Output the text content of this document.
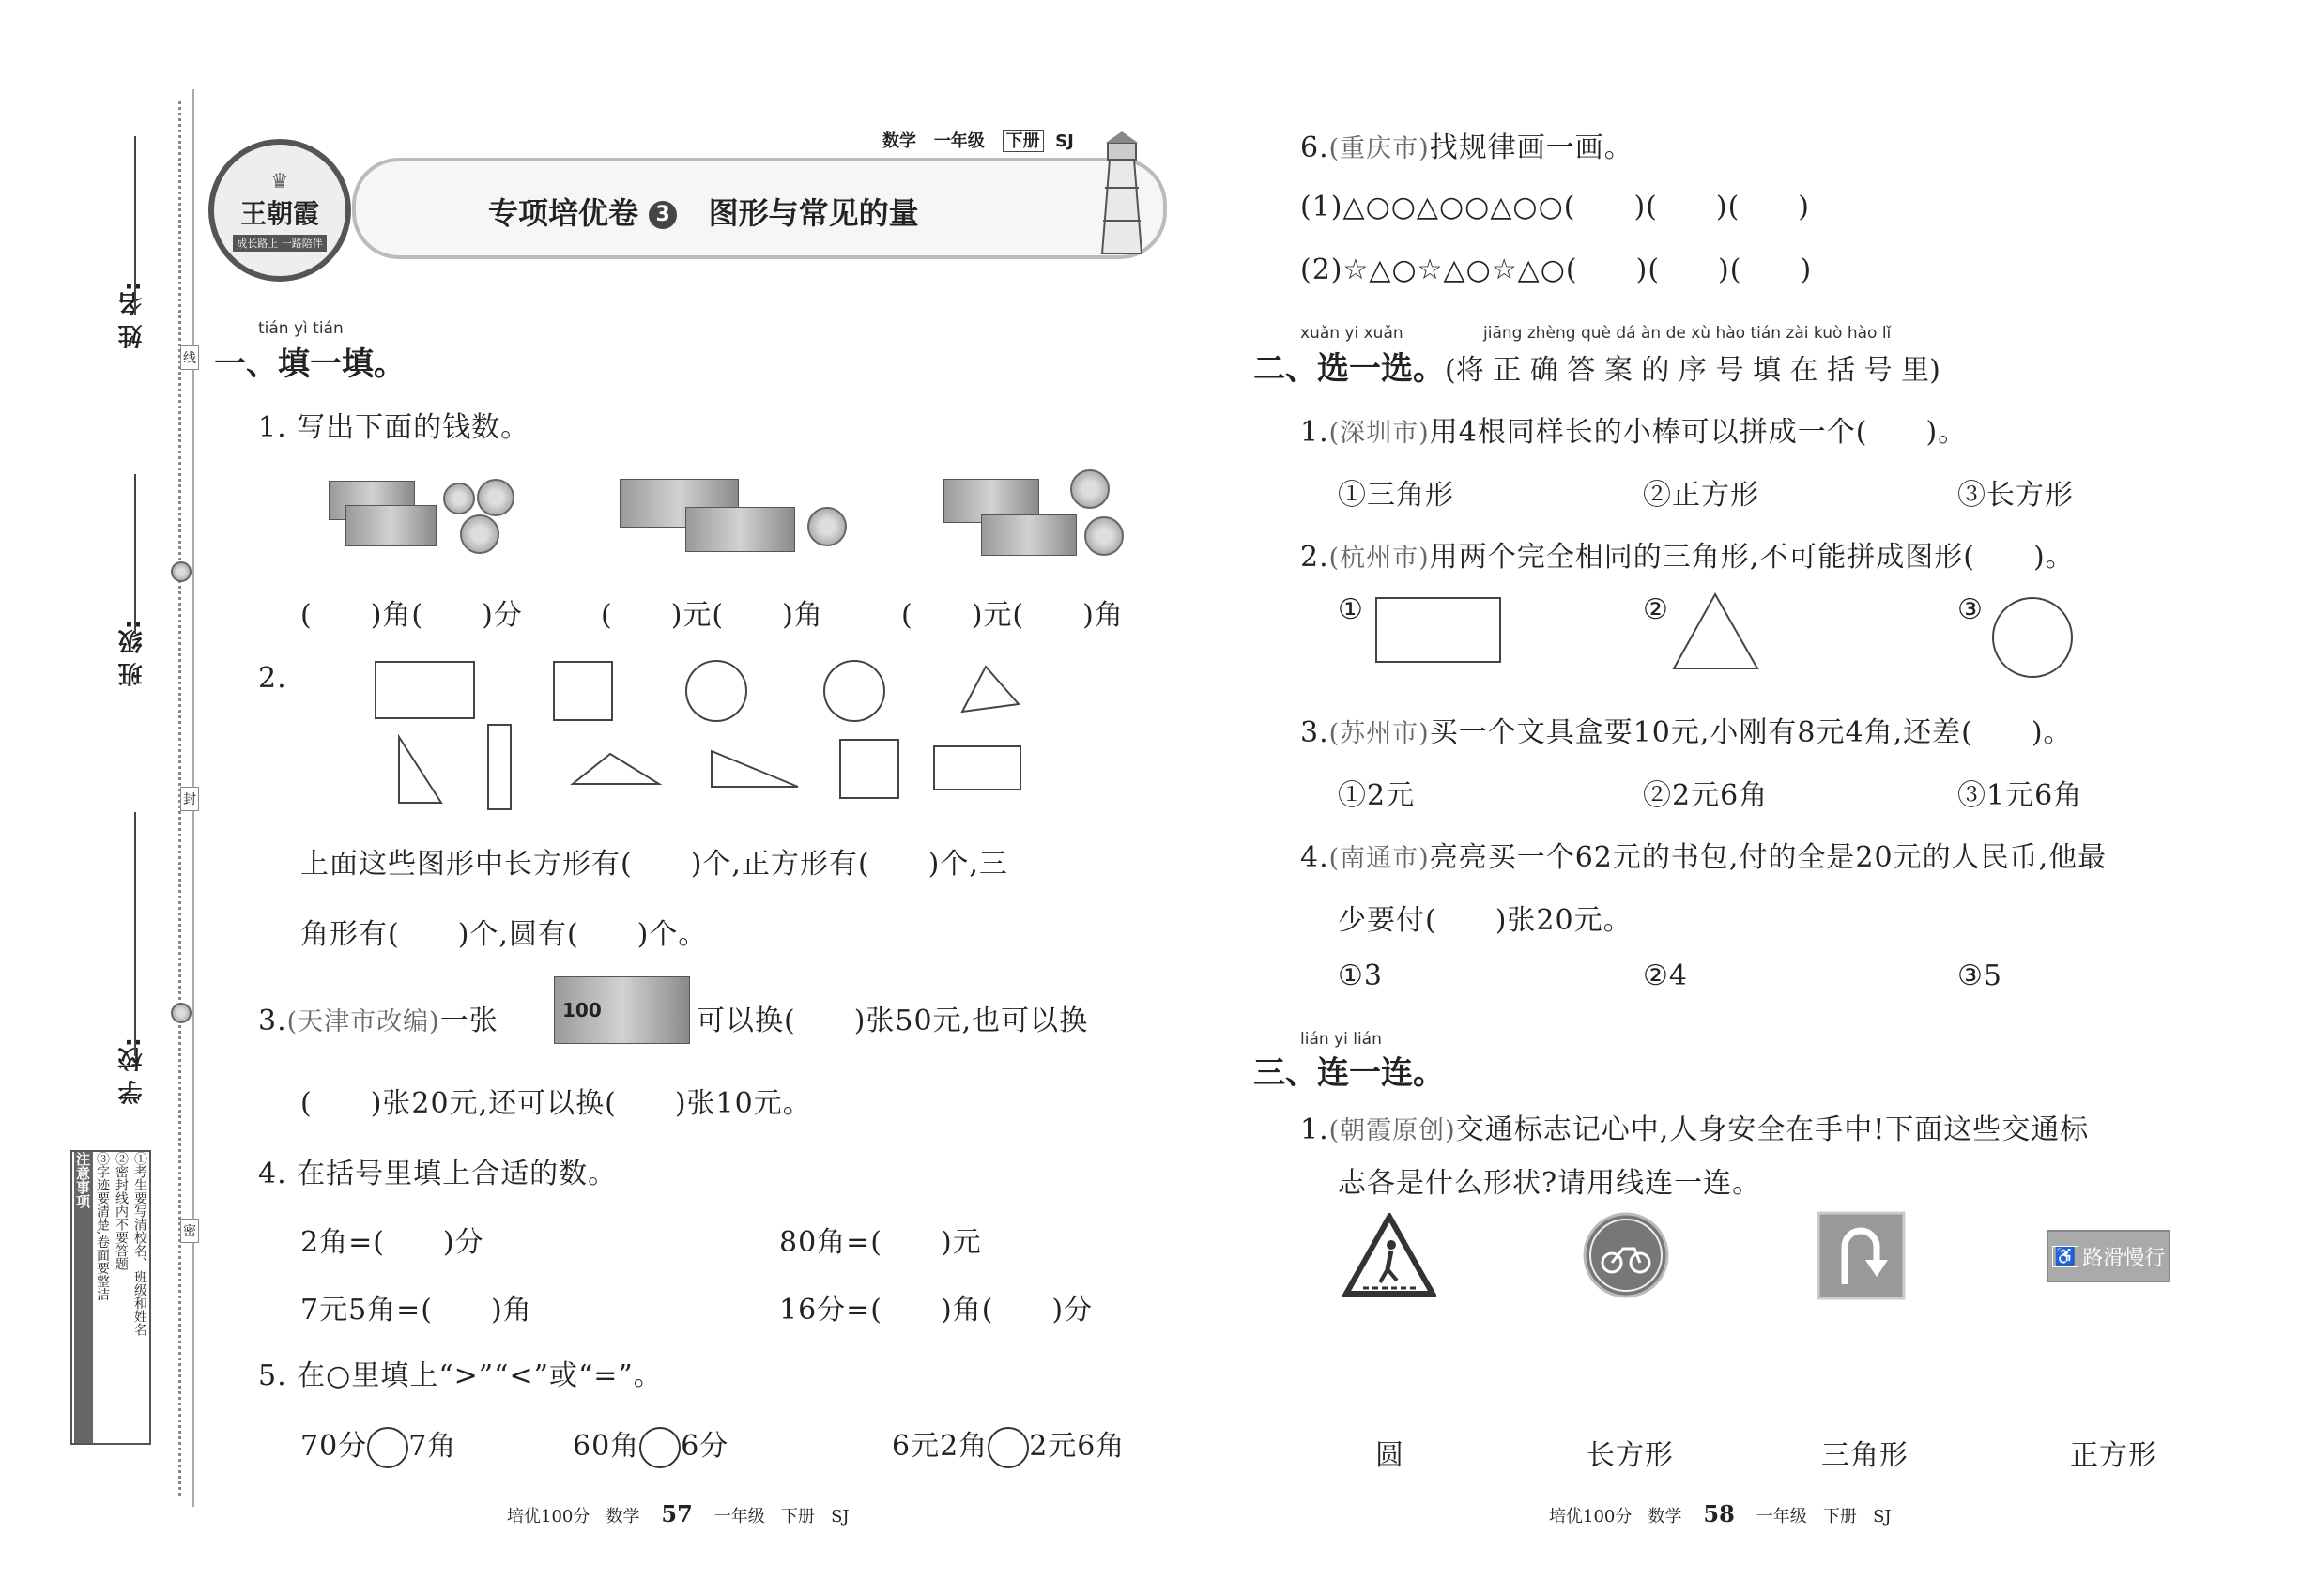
姓 名:
班 级:
学 校:
线
封
密
①考生要写清校名、班级和姓名
②密封线内不要答题
③字迹要清楚,卷面要整洁
注意事项
♛
王朝霞
成长路上 一路陪伴
数学 一年级 下册 SJ
专项培优卷 3 图形与常见的量
tián yì tián
一、填一填。
1. 写出下面的钱数。
(　　)角(　　)分	(　　)元(　　)角	(　　)元(　　)角
2.
上面这些图形中长方形有(　　)个,正方形有(　　)个,三
角形有(　　)个,圆有(　　)个。
3.(天津市改编)一张	100	可以换(　　)张50元,也可以换
(　　)张20元,还可以换(　　)张10元。
4. 在括号里填上合适的数。
2角=(　　)分	80角=(　　)元
7元5角=(　　)角	16分=(　　)角(　　)分
5. 在○里填上“>”“<”或“=”。
70分 7角	60角 6分	6元2角 2元6角
培优100分 数学 57 一年级 下册 SJ
6.(重庆市)找规律画一画。
(1)△○○△○○△○○(　　)(　　)(　　)
(2)☆△○☆△○☆△○(　　)(　　)(　　)
xuǎn yi xuǎn	jiāng zhèng què dá àn de xù hào tián zài kuò hào lǐ
二、选一选。(将 正 确 答 案 的 序 号 填 在 括 号 里)
1.(深圳市)用4根同样长的小棒可以拼成一个(　　)。
①三角形	②正方形	③长方形
2.(杭州市)用两个完全相同的三角形,不可能拼成图形(　　)。
①	②	③
3.(苏州市)买一个文具盒要10元,小刚有8元4角,还差(　　)。
①2元	②2元6角	③1元6角
4.(南通市)亮亮买一个62元的书包,付的全是20元的人民币,他最
少要付(　　)张20元。
①3	②4	③5
lián yi lián
三、连一连。
1.(朝霞原创)交通标志记心中,人身安全在手中!下面这些交通标
志各是什么形状?请用线连一连。
♿ 路滑慢行
圆	长方形	三角形	正方形
培优100分 数学 58 一年级 下册 SJ
